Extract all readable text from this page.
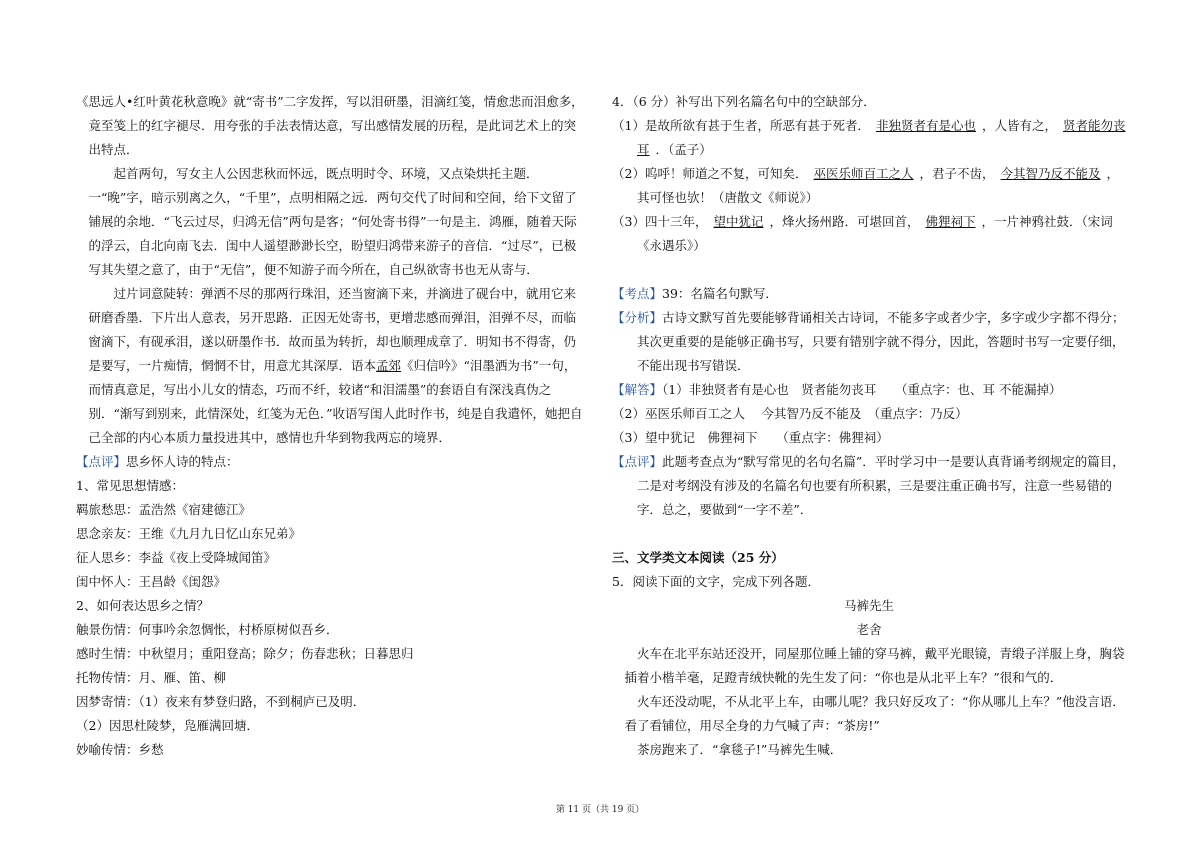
《思远人•红叶黄花秋意晚》就“寄书”二字发挥，写以泪研墨，泪滴红笺，情愈悲而泪愈多，竟至笺上的红字褪尽．用夸张的手法表情达意，写出感情发展的历程，是此词艺术上的突出特点．

起首两句，写女主人公因悲秋而怀远，既点明时令、环境，又点染烘托主题．一“晚”字，暗示别离之久，“千里”，点明相隔之远．两句交代了时间和空间，给下文留了铺展的余地．“飞云过尽，归鸿无信”两句是客；“何处寄书得”一句是主．鸿雁，随着天际的浮云，自北向南飞去．闺中人遥望渺渺长空，盼望归鸿带来游子的音信．“过尽”，已极写其失望之意了，由于“无信”，便不知游子而今所在，自己纵欲寄书也无从寄与．

过片词意陡转：弹洒不尽的那两行珠泪，还当窗滴下来，并滴进了砚台中，就用它来研磨香墨．下片出人意表，另开思路．正因无处寄书，更增悲感而弹泪，泪弹不尽，而临窗滴下，有砚承泪，遂以研墨作书．故而虽为转折，却也顺理成章了．明知书不得寄，仍是要写，一片痴情，惘惘不甘，用意尤其深厚．语本孟郊《归信吟》“泪墨洒为书”一句，而情真意足，写出小儿女的情态，巧而不纤，较诸“和泪濡墨”的套语自有深浅真伪之别．“渐写到别来，此情深处，红笺为无色．”收语写闺人此时作书，纯是自我遣怀，她把自己全部的内心本质力量投进其中，感情也升华到物我两忘的境界．

【点评】思乡怀人诗的特点：

1、常见思想情感：

羁旅愁思：孟浩然《宿建德江》

思念亲友：王维《九月九日忆山东兄弟》

征人思乡：李益《夜上受降城闻笛》

闺中怀人：王昌龄《闺怨》

2、如何表达思乡之情？

触景伤情：何事吟余忽惆怅，村桥原树似吾乡．

感时生情：中秋望月；重阳登高；除夕；伤春悲秋；日暮思归

托物传情：月、雁、笛、柳

因梦寄情：（1）夜来有梦登归路，不到桐庐已及明．

（2）因思杜陵梦，凫雁满回塘．

妙喻传情：乡愁

4．（6 分）补写出下列名篇名句中的空缺部分．

（1）是故所欲有甚于生者，所恶有甚于死者． 非独贤者有是心也 ，人皆有之， 贤者能勿丧耳 ．（孟子）

（2）呜呼！师道之不复，可知矣． 巫医乐师百工之人 ，君子不齿， 今其智乃反不能及 ，其可怪也欤！（唐散文《师说》）

（3）四十三年， 望中犹记 ，烽火扬州路．可堪回首， 佛狸祠下 ，一片神鸦社鼓．（宋词《永遇乐》）

【考点】39：名篇名句默写．

【分析】古诗文默写首先要能够背诵相关古诗词，不能多字或者少字，多字或少字都不得分；其次更重要的是能够正确书写，只要有错别字就不得分，因此，答题时书写一定要仔细，不能出现书写错误．

【解答】（1）非独贤者有是心也　贤者能勿丧耳　　（重点字：也、耳 不能漏掉）

（2）巫医乐师百工之人　 今其智乃反不能及　（重点字：乃反）

（3）望中犹记　佛狸祠下　　（重点字：佛狸祠）

【点评】此题考查点为“默写常见的名句名篇”．平时学习中一是要认真背诵考纲规定的篇目，二是对考纲没有涉及的名篇名句也要有所积累，三是要注重正确书写，注意一些易错的字．总之，要做到“一字不差”．

三、文学类文本阅读（25 分）

5．阅读下面的文字，完成下列各题．

马裤先生

老舍

火车在北平东站还没开，同屋那位睡上铺的穿马裤，戴平光眼镜，青缎子洋服上身，胸袋插着小楷羊毫，足蹬青绒快靴的先生发了问：“你也是从北平上车？”很和气的．

火车还没动呢，不从北平上车，由哪儿呢？我只好反攻了：“你从哪儿上车？”他没言语．看了看铺位，用尽全身的力气喊了声：“茶房!”

茶房跑来了．“拿毯子!”马裤先生喊．

第 11 页（共 19 页）
